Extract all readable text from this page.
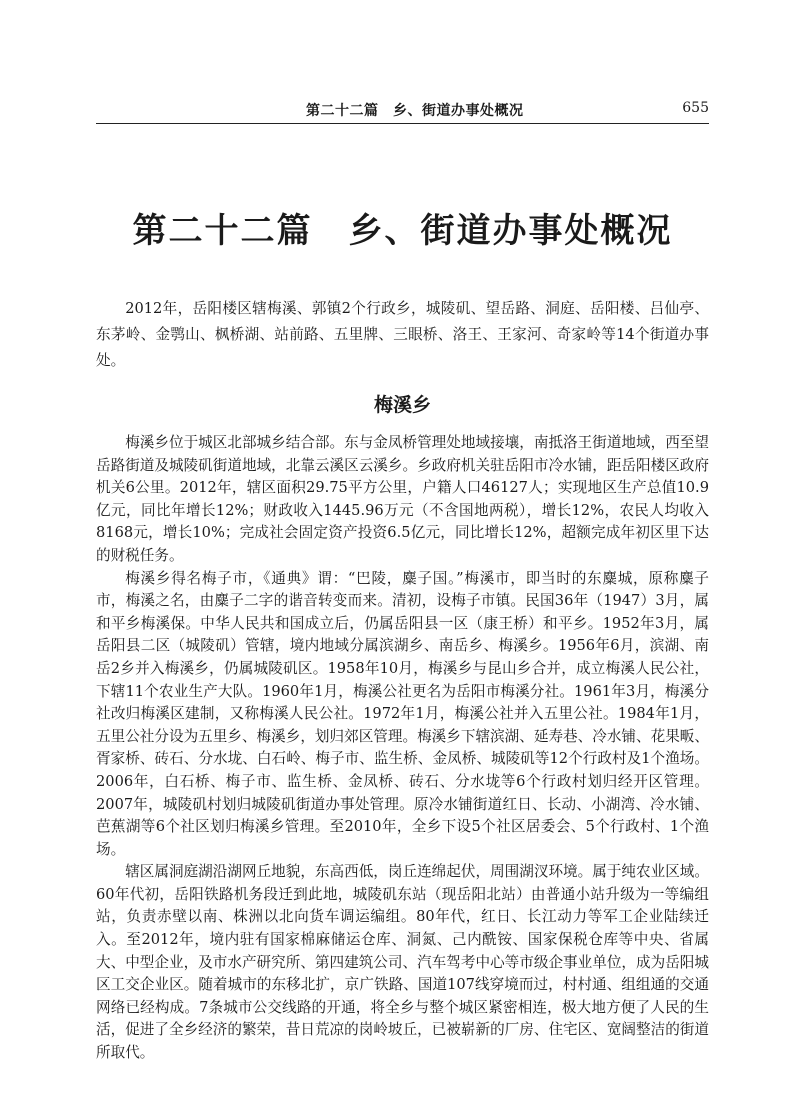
第二十二篇　乡、街道办事处概况	655
第二十二篇　乡、街道办事处概况

2012年，岳阳楼区辖梅溪、郭镇2个行政乡，城陵矶、望岳路、洞庭、岳阳楼、吕仙亭、东茅岭、金鹗山、枫桥湖、站前路、五里牌、三眼桥、洛王、王家河、奇家岭等14个街道办事处。

梅溪乡

梅溪乡位于城区北部城乡结合部。东与金凤桥管理处地域接壤，南抵洛王街道地域，西至望岳路街道及城陵矶街道地域，北靠云溪区云溪乡。乡政府机关驻岳阳市冷水铺，距岳阳楼区政府机关6公里。2012年，辖区面积29.75平方公里，户籍人口46127人；实现地区生产总值10.9亿元，同比年增长12%；财政收入1445.96万元（不含国地两税），增长12%，农民人均收入8168元，增长10%；完成社会固定资产投资6.5亿元，同比增长12%，超额完成年初区里下达的财税任务。

梅溪乡得名梅子市，《通典》谓：“巴陵，麋子国。”梅溪市，即当时的东麋城，原称麋子市，梅溪之名，由麋子二字的谐音转变而来。清初，设梅子市镇。民国36年（1947）3月，属和平乡梅溪保。中华人民共和国成立后，仍属岳阳县一区（康王桥）和平乡。1952年3月，属岳阳县二区（城陵矶）管辖，境内地域分属滨湖乡、南岳乡、梅溪乡。1956年6月，滨湖、南岳2乡并入梅溪乡，仍属城陵矶区。1958年10月，梅溪乡与昆山乡合并，成立梅溪人民公社，下辖11个农业生产大队。1960年1月，梅溪公社更名为岳阳市梅溪分社。1961年3月，梅溪分社改归梅溪区建制，又称梅溪人民公社。1972年1月，梅溪公社并入五里公社。1984年1月，五里公社分设为五里乡、梅溪乡，划归郊区管理。梅溪乡下辖滨湖、延寿巷、冷水铺、花果畈、胥家桥、砖石、分水垅、白石岭、梅子市、监生桥、金凤桥、城陵矶等12个行政村及1个渔场。2006年，白石桥、梅子市、监生桥、金凤桥、砖石、分水垅等6个行政村划归经开区管理。2007年，城陵矶村划归城陵矶街道办事处管理。原冷水铺街道红日、长动、小湖湾、冷水铺、芭蕉湖等6个社区划归梅溪乡管理。至2010年，全乡下设5个社区居委会、5个行政村、1个渔场。

辖区属洞庭湖沿湖网丘地貌，东高西低，岗丘连绵起伏，周围湖汊环境。属于纯农业区域。60年代初，岳阳铁路机务段迁到此地，城陵矶东站（现岳阳北站）由普通小站升级为一等编组站，负责赤壁以南、株洲以北向货车调运编组。80年代，红日、长江动力等军工企业陆续迁入。至2012年，境内驻有国家棉麻储运仓库、洞氮、己内酰铵、国家保税仓库等中央、省属大、中型企业，及市水产研究所、第四建筑公司、汽车驾考中心等市级企事业单位，成为岳阳城区工交企业区。随着城市的东移北扩，京广铁路、国道107线穿境而过，村村通、组组通的交通网络已经构成。7条城市公交线路的开通，将全乡与整个城区紧密相连，极大地方便了人民的生活，促进了全乡经济的繁荣，昔日荒凉的岗岭坡丘，已被崭新的厂房、住宅区、宽阔整洁的街道所取代。
